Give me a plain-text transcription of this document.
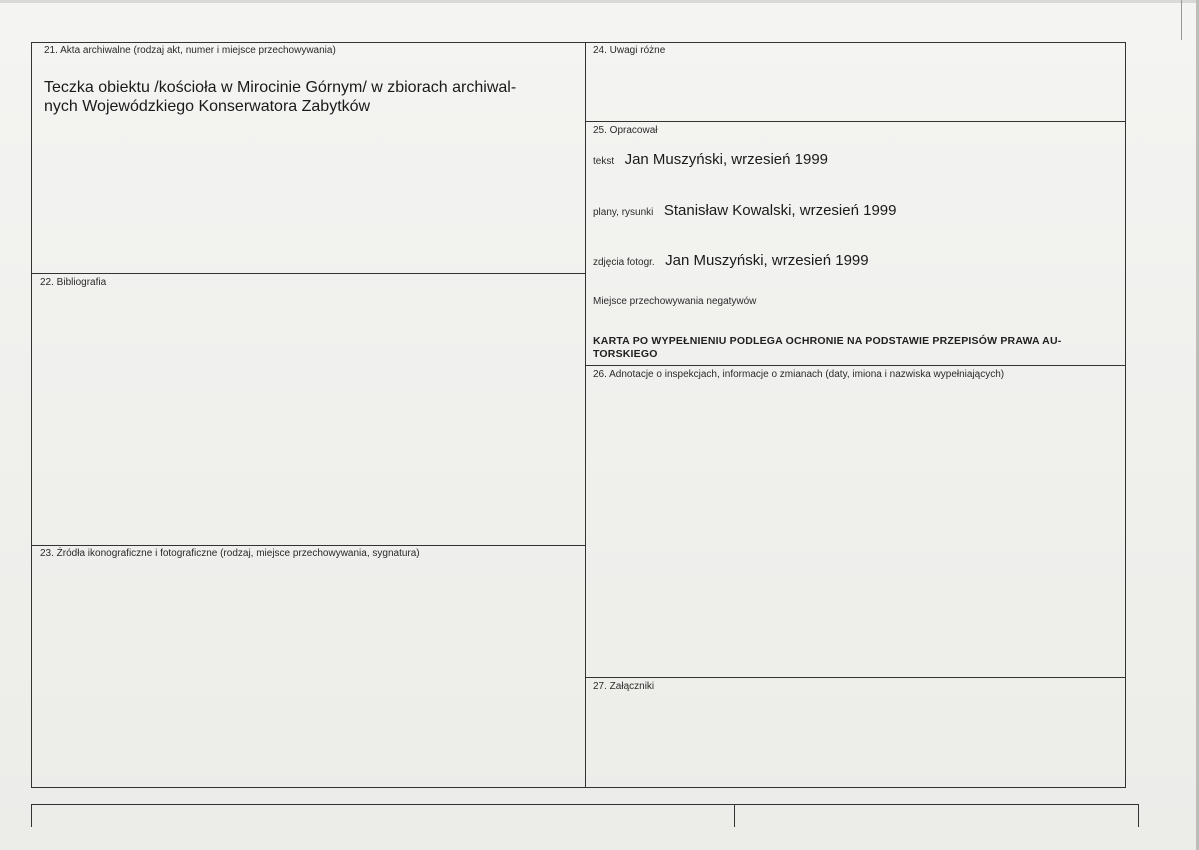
21. Akta archiwalne (rodzaj akt, numer i miejsce przechowywania)
Teczka obiektu /kościoła w Mirocinie Górnym/ w zbiorach archiwal-
nych Wojewódzkiego Konserwatora Zabytków
22. Bibliografia
23. Źródła ikonograficzne i fotograficzne (rodzaj, miejsce przechowywania, sygnatura)
24. Uwagi różne
25. Opracował
tekst Jan Muszyński, wrzesień 1999
plany, rysunki Stanisław Kowalski, wrzesień 1999
zdjęcia fotogr. Jan Muszyński, wrzesień 1999
Miejsce przechowywania negatywów
KARTA PO WYPEŁNIENIU PODLEGA OCHRONIE NA PODSTAWIE PRZEPISÓW PRAWA AU-
TORSKIEGO
26. Adnotacje o inspekcjach, informacje o zmianach (daty, imiona i nazwiska wypełniających)
27. Załączniki
